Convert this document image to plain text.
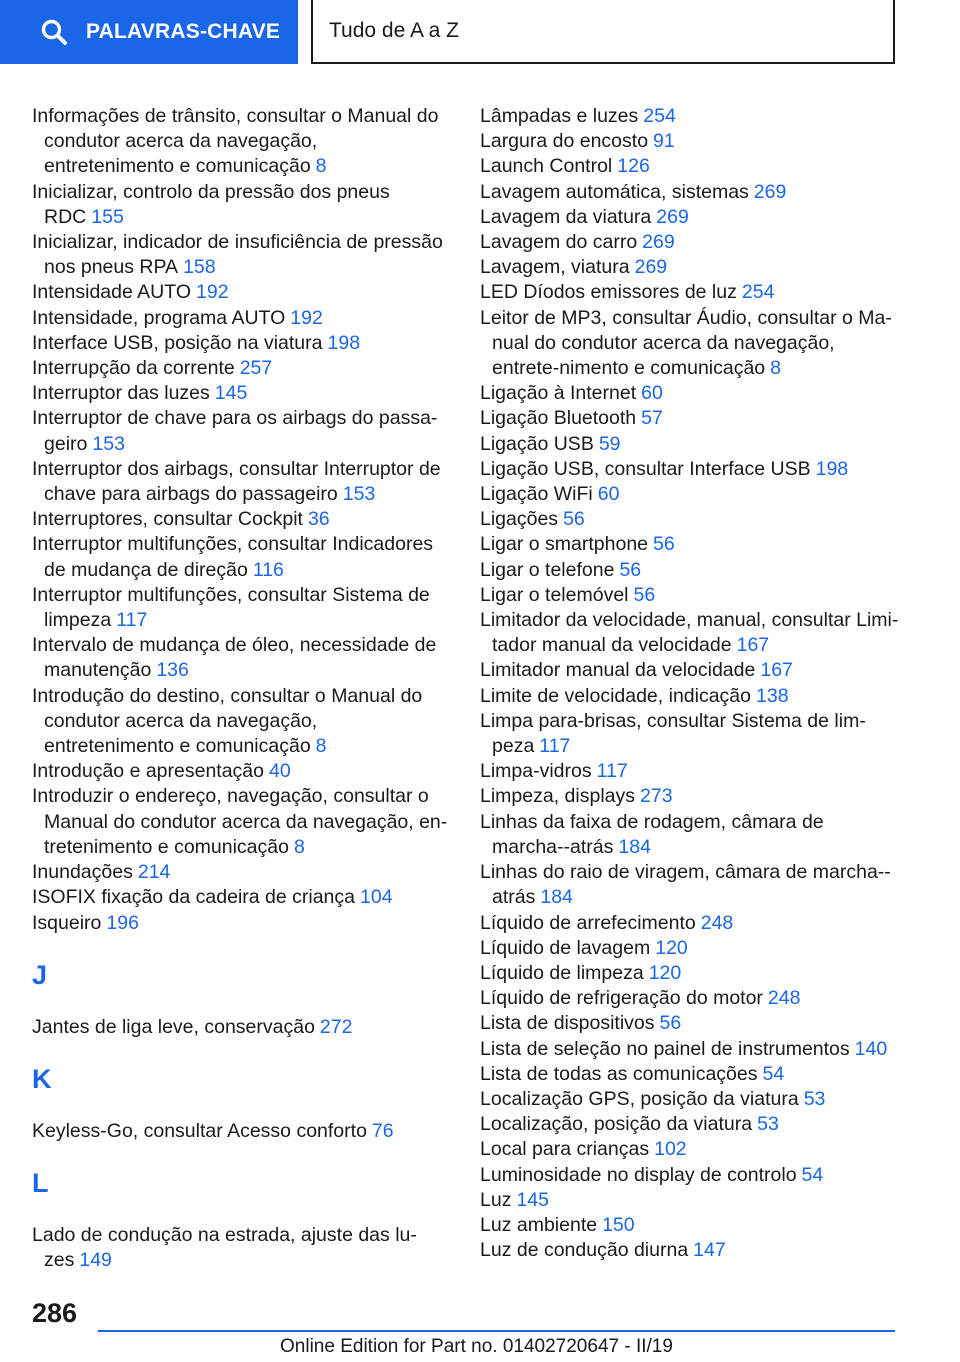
PALAVRAS-CHAVE Tudo de A a Z

Informações de trânsito, consultar o Manual do condutor acerca da navegação, entretenimento e comunicação 8

Inicializar, controlo da pressão dos pneus RDC 155

Inicializar, indicador de insuficiência de pressão nos pneus RPA 158

Intensidade AUTO 192

Intensidade, programa AUTO 192

Interface USB, posição na viatura 198

Interrupção da corrente 257

Interruptor das luzes 145

Interruptor de chave para os airbags do passa-geiro 153

Interruptor dos airbags, consultar Interruptor de chave para airbags do passageiro 153

Interruptores, consultar Cockpit 36

Interruptor multifunções, consultar Indicadores de mudança de direção 116

Interruptor multifunções, consultar Sistema de limpeza 117

Intervalo de mudança de óleo, necessidade de manutenção 136

Introdução do destino, consultar o Manual do condutor acerca da navegação, entretenimento e comunicação 8

Introdução e apresentação 40

Introduzir o endereço, navegação, consultar o Manual do condutor acerca da navegação, en-tretenimento e comunicação 8

Inundações 214

ISOFIX fixação da cadeira de criança 104

Isqueiro 196

J

Jantes de liga leve, conservação 272

K

Keyless-Go, consultar Acesso conforto 76

L

Lado de condução na estrada, ajuste das lu-zes 149

Lâmpadas e luzes 254

Largura do encosto 91

Launch Control 126

Lavagem automática, sistemas 269

Lavagem da viatura 269

Lavagem do carro 269

Lavagem, viatura 269

LED Díodos emissores de luz 254

Leitor de MP3, consultar Áudio, consultar o Ma-nual do condutor acerca da navegação, entrete-nimento e comunicação 8

Ligação à Internet 60

Ligação Bluetooth 57

Ligação USB 59

Ligação USB, consultar Interface USB 198

Ligação WiFi 60

Ligações 56

Ligar o smartphone 56

Ligar o telefone 56

Ligar o telemóvel 56

Limitador da velocidade, manual, consultar Limi-tador manual da velocidade 167

Limitador manual da velocidade 167

Limite de velocidade, indicação 138

Limpa para-brisas, consultar Sistema de lim-peza 117

Limpa-vidros 117

Limpeza, displays 273

Linhas da faixa de rodagem, câmara de marcha--atrás 184

Linhas do raio de viragem, câmara de marcha--atrás 184

Líquido de arrefecimento 248

Líquido de lavagem 120

Líquido de limpeza 120

Líquido de refrigeração do motor 248

Lista de dispositivos 56

Lista de seleção no painel de instrumentos 140

Lista de todas as comunicações 54

Localização GPS, posição da viatura 53

Localização, posição da viatura 53

Local para crianças 102

Luminosidade no display de controlo 54

Luz 145

Luz ambiente 150

Luz de condução diurna 147

286
Online Edition for Part no. 01402720647 - II/19
